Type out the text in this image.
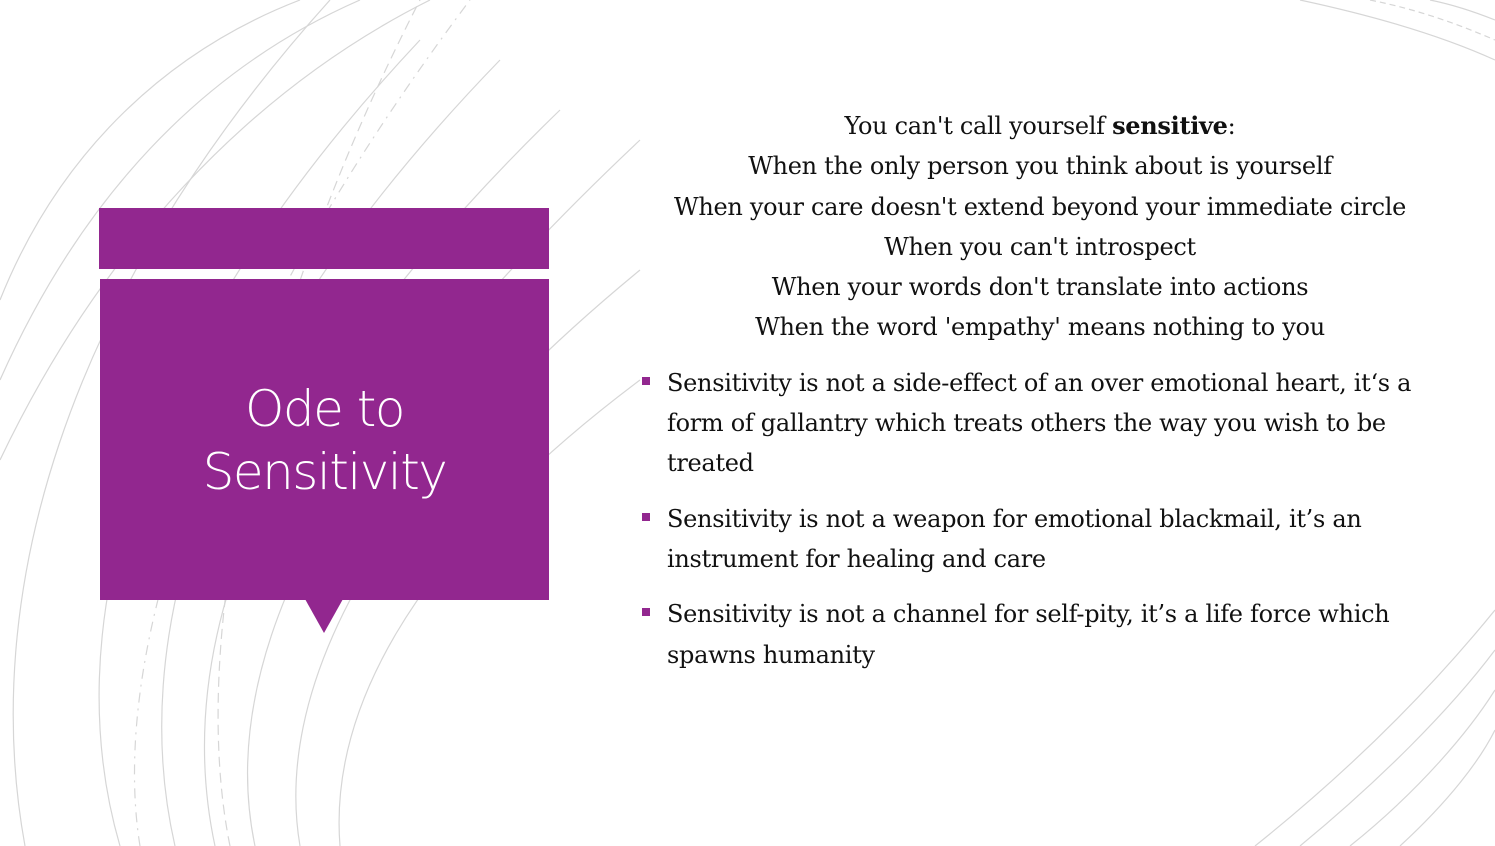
Ode to
Sensitivity
You can't call yourself sensitive:
When the only person you think about is yourself
When your care doesn't extend beyond your immediate circle
When you can't introspect
When your words don't translate into actions
When the word 'empathy' means nothing to you
Sensitivity is not a side-effect of an over emotional heart, it‘s a form of gallantry which treats others the way you wish to be treated
Sensitivity is not a weapon for emotional blackmail, it’s an instrument for healing and care
Sensitivity is not a channel for self-pity, it’s a life force which spawns humanity
